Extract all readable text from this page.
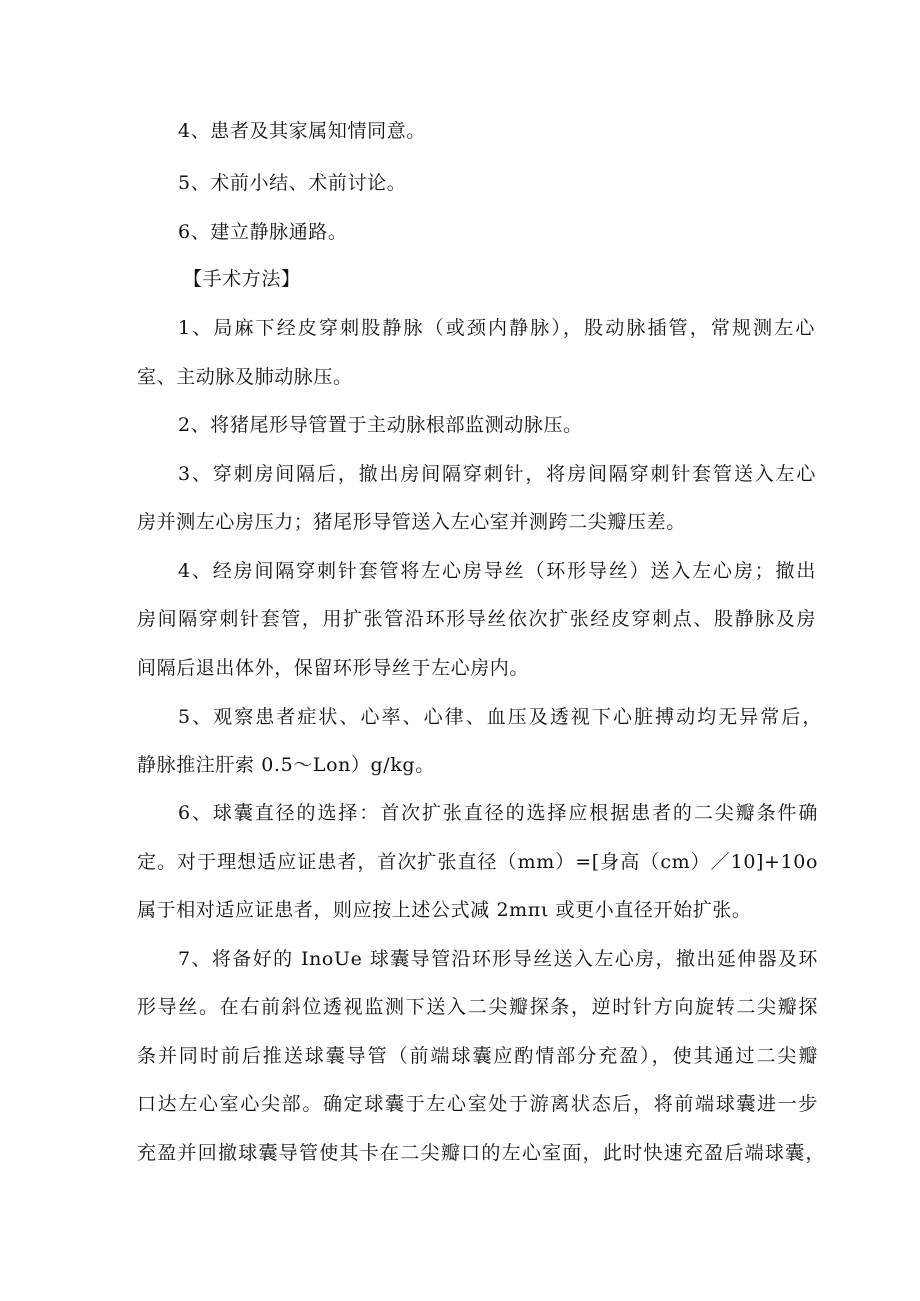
4、患者及其家属知情同意。
5、术前小结、术前讨论。
6、建立静脉通路。
【手术方法】
1、局麻下经皮穿刺股静脉（或颈内静脉），股动脉插管，常规测左心
室、主动脉及肺动脉压。
2、将猪尾形导管置于主动脉根部监测动脉压。
3、穿刺房间隔后，撤出房间隔穿刺针，将房间隔穿刺针套管送入左心
房并测左心房压力；猪尾形导管送入左心室并测跨二尖瓣压差。
4、经房间隔穿刺针套管将左心房导丝（环形导丝）送入左心房；撤出
房间隔穿刺针套管，用扩张管沿环形导丝依次扩张经皮穿刺点、股静脉及房
间隔后退出体外，保留环形导丝于左心房内。
5、观察患者症状、心率、心律、血压及透视下心脏搏动均无异常后，
静脉推注肝索 0.5～Lon）g/kg。
6、球囊直径的选择：首次扩张直径的选择应根据患者的二尖瓣条件确
定。对于理想适应证患者，首次扩张直径（mm）=[身高（cm）／10]+10o
属于相对适应证患者，则应按上述公式减 2mπι 或更小直径开始扩张。
7、将备好的 InoUe 球囊导管沿环形导丝送入左心房，撤出延伸器及环
形导丝。在右前斜位透视监测下送入二尖瓣探条，逆时针方向旋转二尖瓣探
条并同时前后推送球囊导管（前端球囊应酌情部分充盈），使其通过二尖瓣
口达左心室心尖部。确定球囊于左心室处于游离状态后，将前端球囊进一步
充盈并回撤球囊导管使其卡在二尖瓣口的左心室面，此时快速充盈后端球囊，
